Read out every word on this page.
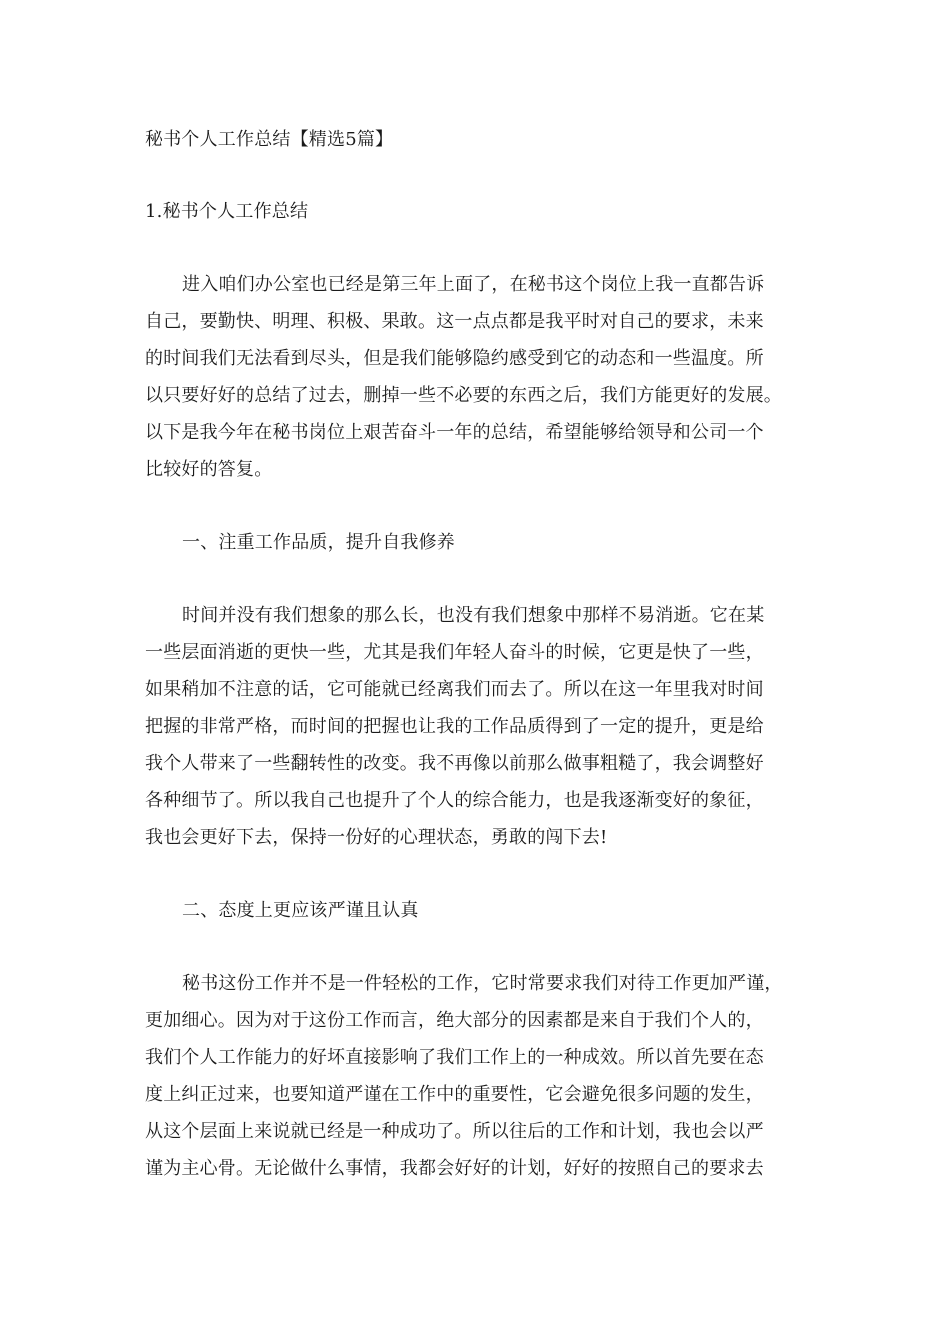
秘书个人工作总结【精选5篇】
1.秘书个人工作总结
进入咱们办公室也已经是第三年上面了，在秘书这个岗位上我一直都告诉
自己，要勤快、明理、积极、果敢。这一点点都是我平时对自己的要求，未来
的时间我们无法看到尽头，但是我们能够隐约感受到它的动态和一些温度。所
以只要好好的总结了过去，删掉一些不必要的东西之后，我们方能更好的发展。
以下是我今年在秘书岗位上艰苦奋斗一年的总结，希望能够给领导和公司一个
比较好的答复。
一、注重工作品质，提升自我修养
时间并没有我们想象的那么长，也没有我们想象中那样不易消逝。它在某
一些层面消逝的更快一些，尤其是我们年轻人奋斗的时候，它更是快了一些，
如果稍加不注意的话，它可能就已经离我们而去了。所以在这一年里我对时间
把握的非常严格，而时间的把握也让我的工作品质得到了一定的提升，更是给
我个人带来了一些翻转性的改变。我不再像以前那么做事粗糙了，我会调整好
各种细节了。所以我自己也提升了个人的综合能力，也是我逐渐变好的象征，
我也会更好下去，保持一份好的心理状态，勇敢的闯下去!
二、态度上更应该严谨且认真
秘书这份工作并不是一件轻松的工作，它时常要求我们对待工作更加严谨，
更加细心。因为对于这份工作而言，绝大部分的因素都是来自于我们个人的，
我们个人工作能力的好坏直接影响了我们工作上的一种成效。所以首先要在态
度上纠正过来，也要知道严谨在工作中的重要性，它会避免很多问题的发生，
从这个层面上来说就已经是一种成功了。所以往后的工作和计划，我也会以严
谨为主心骨。无论做什么事情，我都会好好的计划，好好的按照自己的要求去
